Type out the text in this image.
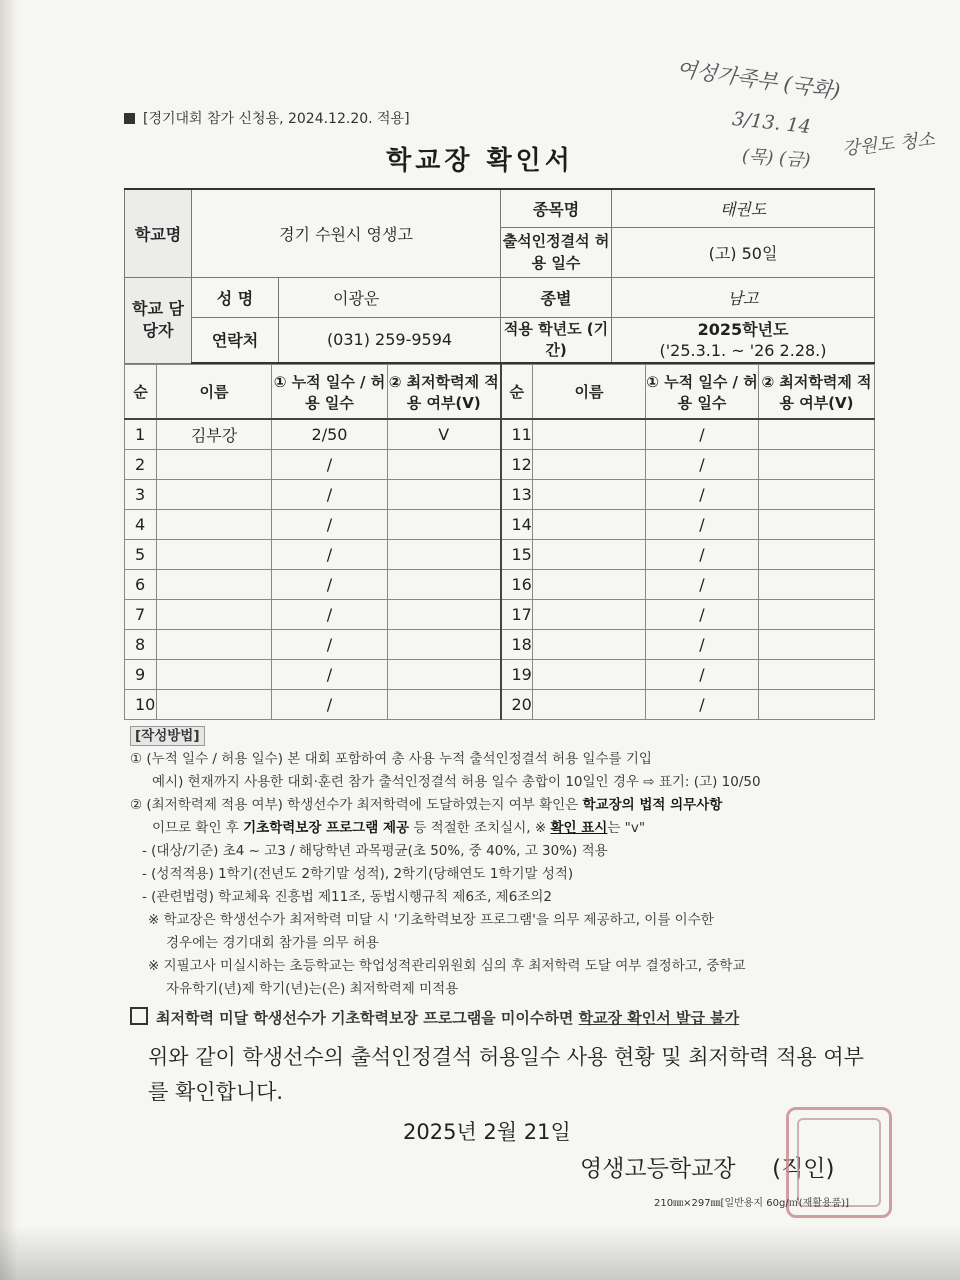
[경기대회 참가 신청용, 2024.12.20. 적용]
학교장 확인서
여성가족부 (국화)
3/13. 14
(목) (금) 강원도 청소
학교명	경기 수원시 영생고		종목명	태권도
			출석인정결석 허용 일수	(고) 50일
학교 담당자	성 명	이광운	종별	남고
	연락처	(031) 259-9594	적용 학년도 (기간)	2025학년도
('25.3.1. ~ '26 2.28.)
순	이름	① 누적 일수 / 허용 일수	② 최저학력제 적용 여부(V)	순	이름	① 누적 일수 / 허용 일수	② 최저학력제 적용 여부(V)
1	김부강	2/50	V	11		/	
2		/		12		/	
3		/		13		/	
4		/		14		/	
5		/		15		/	
6		/		16		/	
7		/		17		/	
8		/		18		/	
9		/		19		/	
10		/		20		/	
[작성방법]
① (누적 일수 / 허용 일수) 본 대회 포함하여 총 사용 누적 출석인정결석 허용 일수를 기입
예시) 현재까지 사용한 대회·훈련 참가 출석인정결석 허용 일수 총합이 10일인 경우 ⇨ 표기: (고) 10/50
② (최저학력제 적용 여부) 학생선수가 최저학력에 도달하였는지 여부 확인은 학교장의 법적 의무사항
이므로 확인 후 기초학력보장 프로그램 제공 등 적절한 조치실시, ※ 확인 표시는 "v"
- (대상/기준) 초4 ~ 고3 / 해당학년 과목평균(초 50%, 중 40%, 고 30%) 적용
- (성적적용) 1학기(전년도 2학기말 성적), 2학기(당해연도 1학기말 성적)
- (관련법령) 학교체육 진흥법 제11조, 동법시행규칙 제6조, 제6조의2
※ 학교장은 학생선수가 최저학력 미달 시 '기초학력보장 프로그램'을 의무 제공하고, 이를 이수한
경우에는 경기대회 참가를 의무 허용
※ 지필고사 미실시하는 초등학교는 학업성적관리위원회 심의 후 최저학력 도달 여부 결정하고, 중학교
자유학기(년)제 학기(년)는(은) 최저학력제 미적용
최저학력 미달 학생선수가 기초학력보장 프로그램을 미이수하면 학교장 확인서 발급 불가
위와 같이 학생선수의 출석인정결석 허용일수 사용 현황 및 최저학력 적용 여부를 확인합니다.
2025년 2월 21일
영생고등학교장 (직인)
210㎜×297㎜[일반용지 60g/㎡(재활용품)]
